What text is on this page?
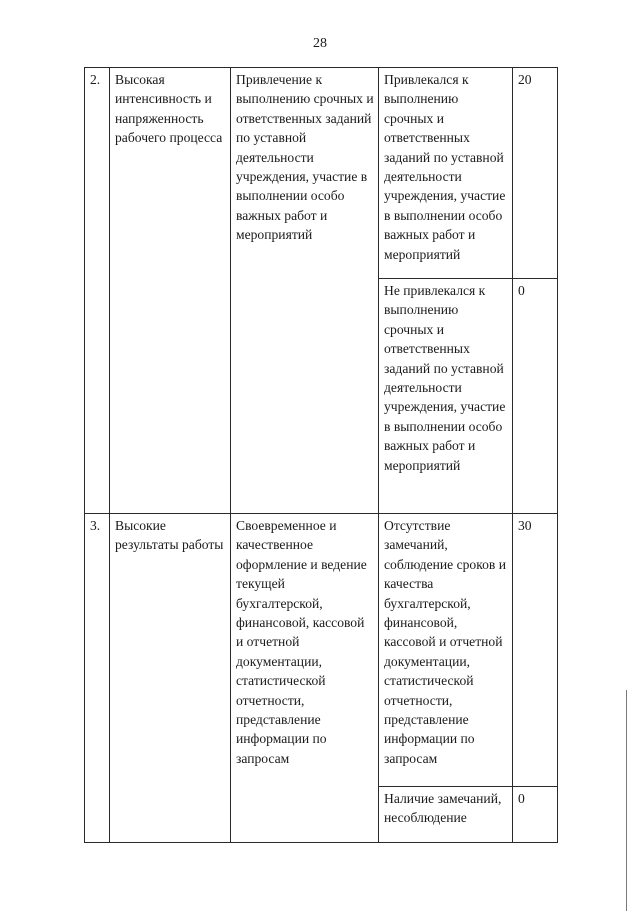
28
2.	Высокая интенсивность и напряженность рабочего процесса	Привлечение к выполнению срочных и ответственных заданий по уставной деятельности учреждения, участие в выполнении особо важных работ и мероприятий	Привлекался к выполнению срочных и ответственных заданий по уставной деятельности учреждения, участие в выполнении особо важных работ и мероприятий	20
			Не привлекался к выполнению срочных и ответственных заданий по уставной деятельности учреждения, участие в выполнении особо важных работ и мероприятий	0
3.	Высокие результаты работы	Своевременное и качественное оформление и ведение текущей бухгалтерской, финансовой, кассовой и отчетной документации, статистической отчетности, представление информации по запросам	Отсутствие замечаний, соблюдение сроков и качества бухгалтерской, финансовой, кассовой и отчетной документации, статистической отчетности, представление информации по запросам	30
			Наличие замечаний, несоблюдение	0
